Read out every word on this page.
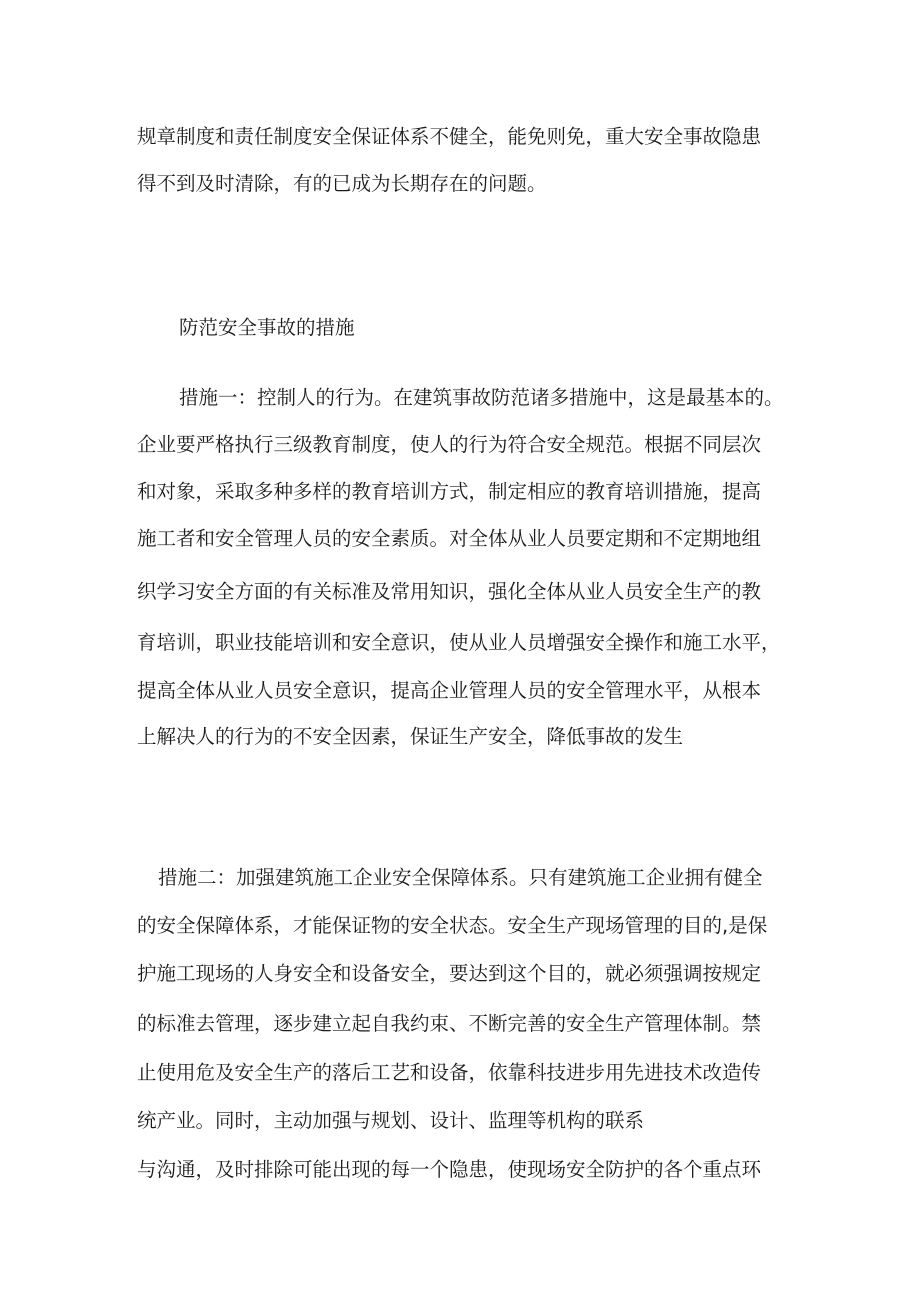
规章制度和责任制度安全保证体系不健全，能免则免，重大安全事故隐患

得不到及时清除，有的已成为长期存在的问题。

防范安全事故的措施

措施一：控制人的行为。在建筑事故防范诸多措施中，这是最基本的。

企业要严格执行三级教育制度，使人的行为符合安全规范。根据不同层次

和对象，采取多种多样的教育培训方式，制定相应的教育培训措施，提高

施工者和安全管理人员的安全素质。对全体从业人员要定期和不定期地组

织学习安全方面的有关标准及常用知识，强化全体从业人员安全生产的教

育培训，职业技能培训和安全意识，使从业人员增强安全操作和施工水平，

提高全体从业人员安全意识，提高企业管理人员的安全管理水平，从根本

上解决人的行为的不安全因素，保证生产安全，降低事故的发生

措施二：加强建筑施工企业安全保障体系。只有建筑施工企业拥有健全

的安全保障体系，才能保证物的安全状态。安全生产现场管理的目的,是保

护施工现场的人身安全和设备安全，要达到这个目的，就必须强调按规定

的标准去管理，逐步建立起自我约束、不断完善的安全生产管理体制。禁

止使用危及安全生产的落后工艺和设备，依靠科技进步用先进技术改造传

统产业。同时，主动加强与规划、设计、监理等机构的联系

与沟通，及时排除可能出现的每一个隐患，使现场安全防护的各个重点环
